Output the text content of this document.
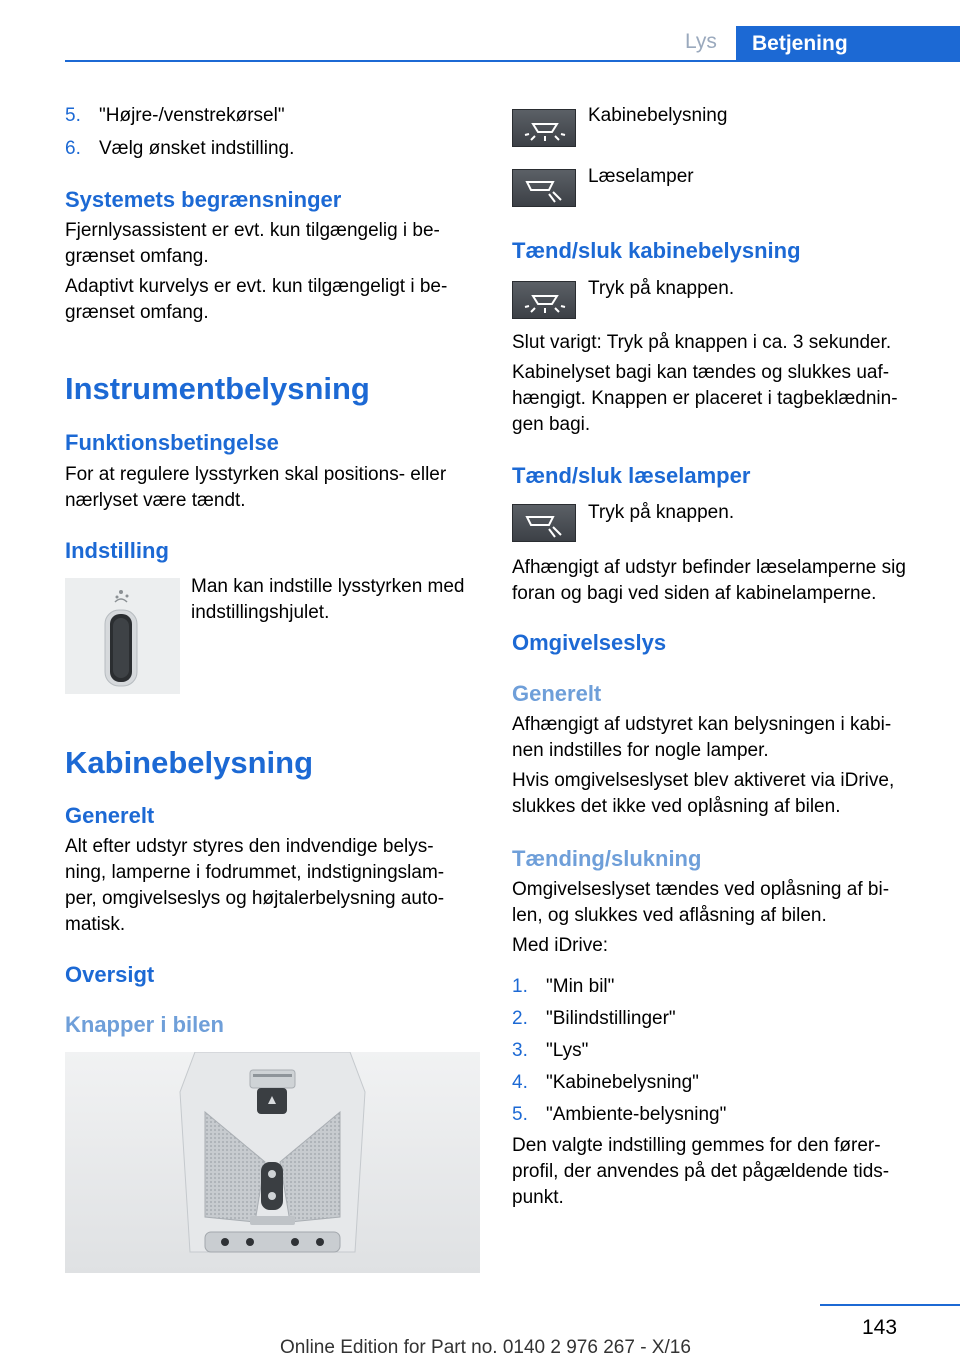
Lys	Betjening
5. "Højre-/venstrekørsel"
6. Vælg ønsket indstilling.
Systemets begrænsninger

Fjernlysassistent er evt. kun tilgængelig i be‐

grænset omfang.

Adaptivt kurvelys er evt. kun tilgængeligt i be‐

grænset omfang.

Instrumentbelysning
Funktionsbetingelse

For at regulere lysstyrken skal positions- eller

nærlyset være tændt.

Indstilling

Man kan indstille lysstyrken med

indstillingshjulet.

Kabinebelysning
Generelt

Alt efter udstyr styres den indvendige belys‐

ning, lamperne i fodrummet, indstigningslam‐

per, omgivelseslys og højtalerbelysning auto‐

matisk.

Oversigt
Knapper i bilen

Kabinebelysning

Læselamper

Tænd/sluk kabinebelysning

Tryk på knappen.

Slut varigt: Tryk på knappen i ca. 3 sekunder.

Kabinelyset bagi kan tændes og slukkes uaf‐

hængigt. Knappen er placeret i tagbeklædnin‐

gen bagi.

Tænd/sluk læselamper

Tryk på knappen.

Afhængigt af udstyr befinder læselamperne sig

foran og bagi ved siden af kabinelamperne.

Omgivelseslys
Generelt

Afhængigt af udstyret kan belysningen i kabi‐

nen indstilles for nogle lamper.

Hvis omgivelseslyset blev aktiveret via iDrive,

slukkes det ikke ved oplåsning af bilen.

Tænding/slukning

Omgivelseslyset tændes ved oplåsning af bi‐

len, og slukkes ved aflåsning af bilen.

Med iDrive:

1. "Min bil"
2. "Bilindstillinger"
3. "Lys"
4. "Kabinebelysning"
5. "Ambiente-belysning"

Den valgte indstilling gemmes for den fører‐

profil, der anvendes på det pågældende tids‐

punkt.

143
Online Edition for Part no. 0140 2 976 267 - X/16
